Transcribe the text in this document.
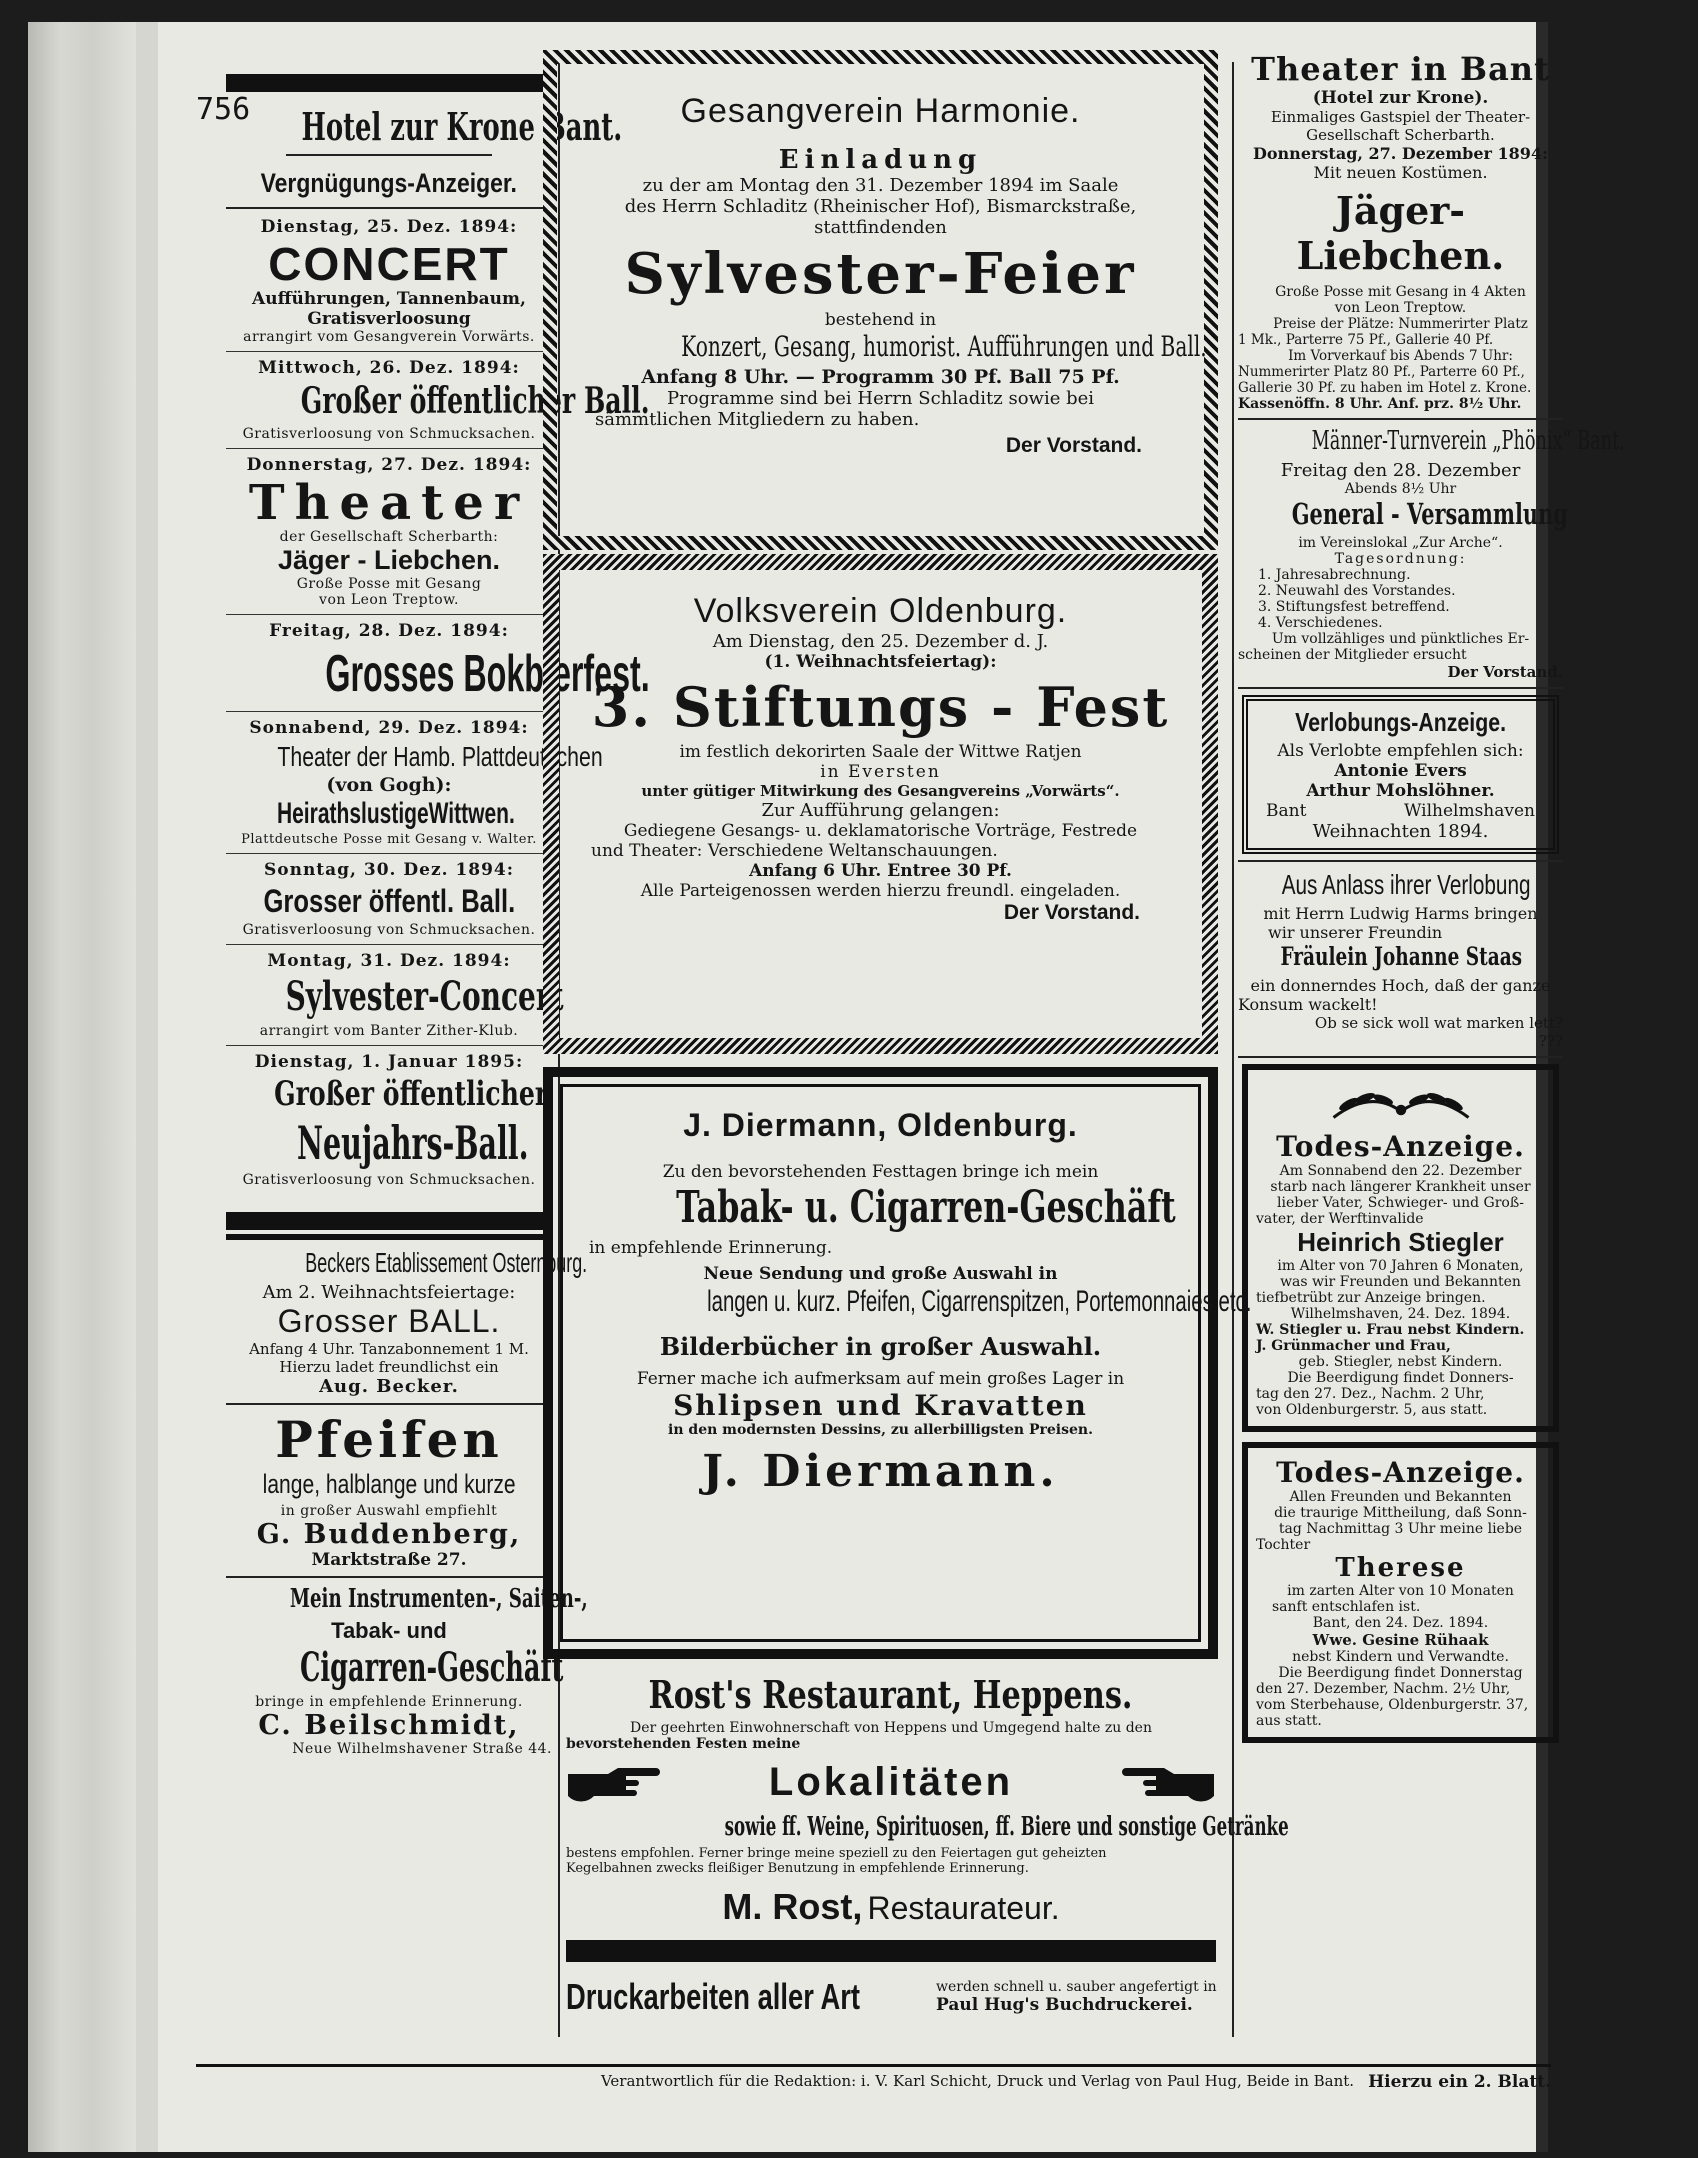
756	Hotel zur Krone Bant.
Vergnügungs-Anzeiger.
Dienstag, 25. Dez. 1894:
CONCERT
Aufführungen, Tannenbaum,
Gratisverloosung
arrangirt vom Gesangverein Vorwärts.
Mittwoch, 26. Dez. 1894:
Großer öffentlicher Ball.
Gratisverloosung von Schmucksachen.
Donnerstag, 27. Dez. 1894:
Theater
der Gesellschaft Scherbarth:
Jäger - Liebchen.
Große Posse mit Gesang
von Leon Treptow.
Freitag, 28. Dez. 1894:
Grosses Bokbierfest.
Sonnabend, 29. Dez. 1894:
Theater der Hamb. Plattdeutschen
(von Gogh):
HeirathslustigeWittwen.
Plattdeutsche Posse mit Gesang v. Walter.
Sonntag, 30. Dez. 1894:
Grosser öffentl. Ball.
Gratisverloosung von Schmucksachen.
Montag, 31. Dez. 1894:
Sylvester-Concert
arrangirt vom Banter Zither-Klub.
Dienstag, 1. Januar 1895:
Großer öffentlicher
Neujahrs-Ball.
Gratisverloosung von Schmucksachen.
Beckers Etablissement Osternburg.
Am 2. Weihnachtsfeiertage:
Grosser BALL.
Anfang 4 Uhr. Tanzabonnement 1 M.
Hierzu ladet freundlichst ein
Aug. Becker.
Pfeifen
lange, halblange und kurze
in großer Auswahl empfiehlt
G. Buddenberg,
Marktstraße 27.
Mein Instrumenten-, Saiten-,
Tabak- und
Cigarren-Geschäft
bringe in empfehlende Erinnerung.
C. Beilschmidt,
Neue Wilhelmshavener Straße 44.
Gesangverein Harmonie.
Einladung
zu der am Montag den 31. Dezember 1894 im Saale
des Herrn Schladitz (Rheinischer Hof), Bismarckstraße,
stattfindenden
Sylvester-Feier
bestehend in
Konzert, Gesang, humorist. Aufführungen und Ball.
Anfang 8 Uhr. — Programm 30 Pf. Ball 75 Pf.
Programme sind bei Herrn Schladitz sowie bei
sämmtlichen Mitgliedern zu haben.
Der Vorstand.
Volksverein Oldenburg.
Am Dienstag, den 25. Dezember d. J.
(1. Weihnachtsfeiertag):
3. Stiftungs - Fest
im festlich dekorirten Saale der Wittwe Ratjen
in Eversten
unter gütiger Mitwirkung des Gesangvereins „Vorwärts“.
Zur Aufführung gelangen:
Gediegene Gesangs- u. deklamatorische Vorträge, Festrede
und Theater: Verschiedene Weltanschauungen.
Anfang 6 Uhr. Entree 30 Pf.
Alle Parteigenossen werden hierzu freundl. eingeladen.
Der Vorstand.
J. Diermann, Oldenburg.
Zu den bevorstehenden Festtagen bringe ich mein
Tabak- u. Cigarren-Geschäft
in empfehlende Erinnerung.
Neue Sendung und große Auswahl in
langen u. kurz. Pfeifen, Cigarrenspitzen, Portemonnaies etc.
Bilderbücher in großer Auswahl.
Ferner mache ich aufmerksam auf mein großes Lager in
Shlipsen und Kravatten
in den modernsten Dessins, zu allerbilligsten Preisen.
J. Diermann.
Rost's Restaurant, Heppens.
Der geehrten Einwohnerschaft von Heppens und Umgegend halte zu den
bevorstehenden Festen meine
Lokalitäten
sowie ff. Weine, Spirituosen, ff. Biere und sonstige Getränke
bestens empfohlen. Ferner bringe meine speziell zu den Feiertagen gut geheizten
Kegelbahnen zwecks fleißiger Benutzung in empfehlende Erinnerung.
M. Rost, Restaurateur.
Druckarbeiten aller Art	werden schnell u. sauber angefertigt in
Paul Hug's Buchdruckerei.
Theater in Bant
(Hotel zur Krone).
Einmaliges Gastspiel der Theater-
Gesellschaft Scherbarth.
Donnerstag, 27. Dezember 1894:
Mit neuen Kostümen.
Jäger-Liebchen.
Große Posse mit Gesang in 4 Akten
von Leon Treptow.
Preise der Plätze: Nummerirter Platz
1 Mk., Parterre 75 Pf., Gallerie 40 Pf.
Im Vorverkauf bis Abends 7 Uhr:
Nummerirter Platz 80 Pf., Parterre 60 Pf.,
Gallerie 30 Pf. zu haben im Hotel z. Krone.
Kassenöffn. 8 Uhr. Anf. prz. 8½ Uhr.
Männer-Turnverein „Phönix“ Bant.
Freitag den 28. Dezember
Abends 8½ Uhr
General - Versammlung
im Vereinslokal „Zur Arche“.
Tagesordnung:
1. Jahresabrechnung.
2. Neuwahl des Vorstandes.
3. Stiftungsfest betreffend.
4. Verschiedenes.
Um vollzähliges und pünktliches Er-
scheinen der Mitglieder ersucht
Der Vorstand.
Verlobungs-Anzeige.
Als Verlobte empfehlen sich:
Antonie Evers
Arthur Mohslöhner.
Bant	Wilhelmshaven
Weihnachten 1894.
Aus Anlass ihrer Verlobung
mit Herrn Ludwig Harms bringen
wir unserer Freundin
Fräulein Johanne Staas
ein donnerndes Hoch, daß der ganze
Konsum wackelt!
Ob se sick woll wat marken lett?
???
Todes-Anzeige.
Am Sonnabend den 22. Dezember
starb nach längerer Krankheit unser
lieber Vater, Schwieger- und Groß-
vater, der Werftinvalide
Heinrich Stiegler
im Alter von 70 Jahren 6 Monaten,
was wir Freunden und Bekannten
tiefbetrübt zur Anzeige bringen.
Wilhelmshaven, 24. Dez. 1894.
W. Stiegler u. Frau nebst Kindern.
J. Grünmacher und Frau,
geb. Stiegler, nebst Kindern.
Die Beerdigung findet Donners-
tag den 27. Dez., Nachm. 2 Uhr,
von Oldenburgerstr. 5, aus statt.
Todes-Anzeige.
Allen Freunden und Bekannten
die traurige Mittheilung, daß Sonn-
tag Nachmittag 3 Uhr meine liebe
Tochter
Therese
im zarten Alter von 10 Monaten
sanft entschlafen ist.
Bant, den 24. Dez. 1894.
Wwe. Gesine Rühaak
nebst Kindern und Verwandte.
Die Beerdigung findet Donnerstag
den 27. Dezember, Nachm. 2½ Uhr,
vom Sterbehause, Oldenburgerstr. 37,
aus statt.
Verantwortlich für die Redaktion: i. V. Karl Schicht, Druck und Verlag von Paul Hug, Beide in Bant. Hierzu ein 2. Blatt.
